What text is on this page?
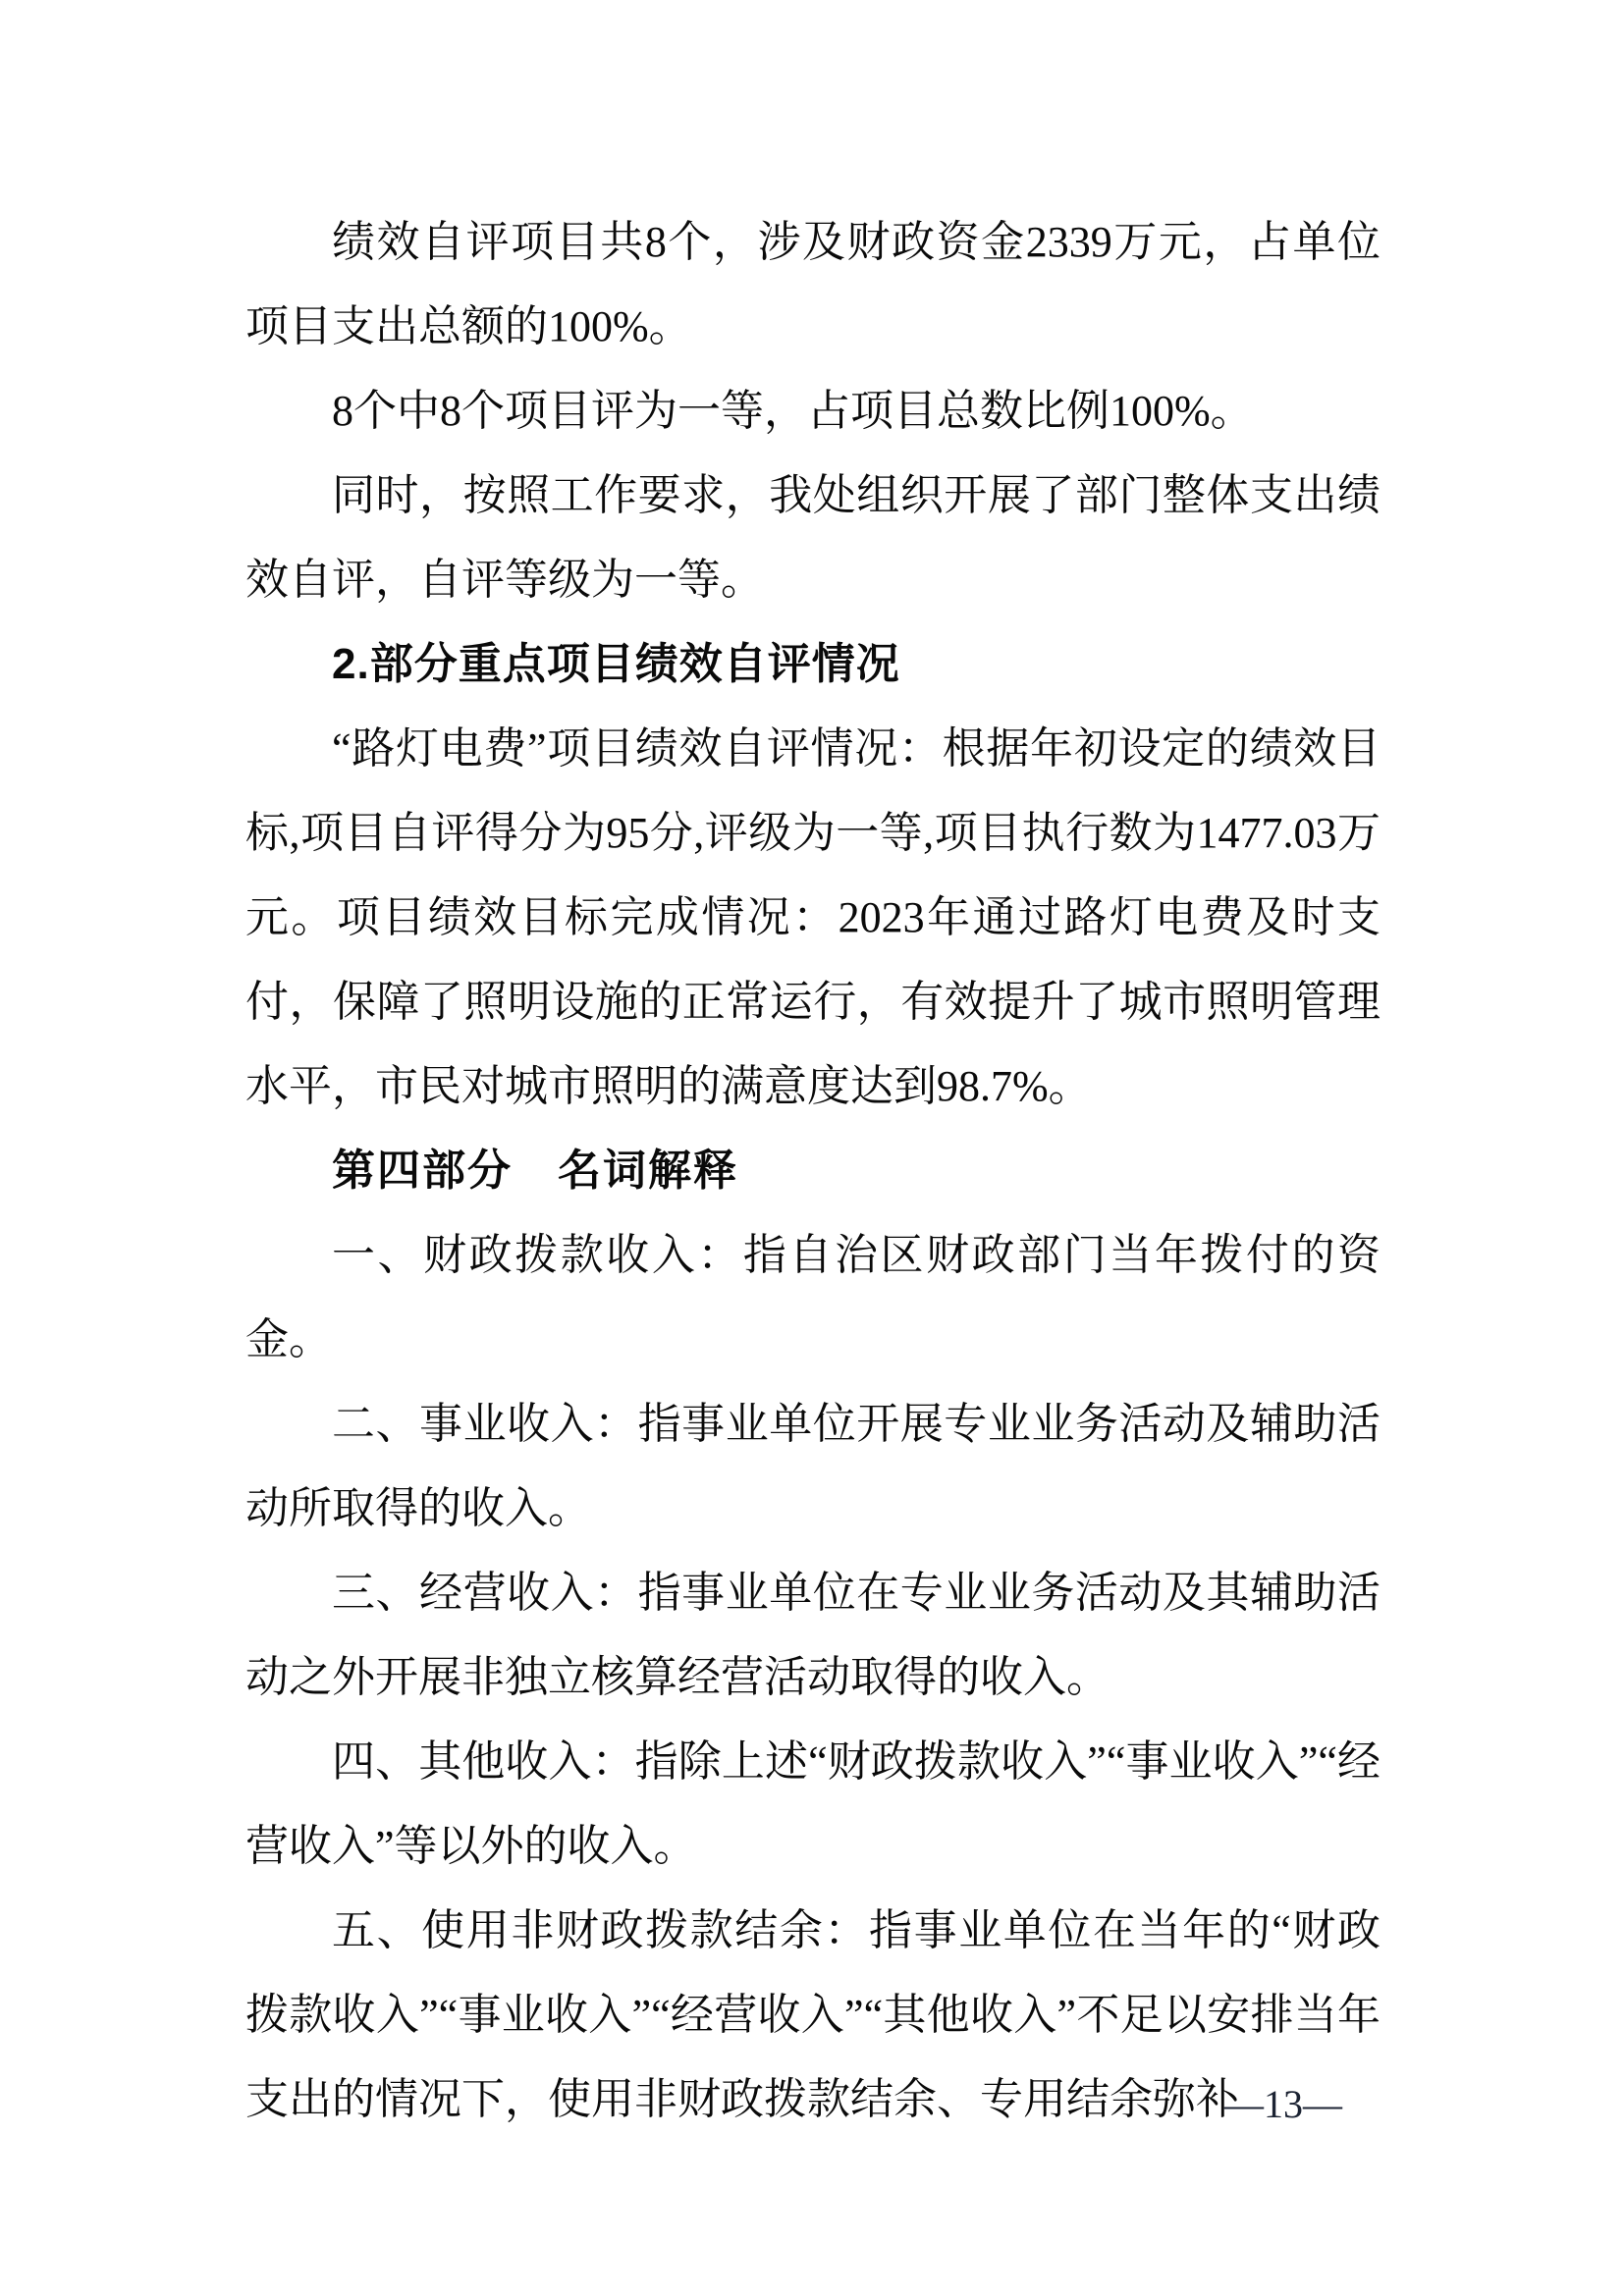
绩效自评项目共8个，涉及财政资金2339万元，占单位项目支出总额的100%。

8个中8个项目评为一等，占项目总数比例100%。

同时，按照工作要求，我处组织开展了部门整体支出绩效自评，自评等级为一等。

2.部分重点项目绩效自评情况

“路灯电费”项目绩效自评情况：根据年初设定的绩效目标,项目自评得分为95分,评级为一等,项目执行数为1477.03万元。项目绩效目标完成情况：2023年通过路灯电费及时支付，保障了照明设施的正常运行，有效提升了城市照明管理水平，市民对城市照明的满意度达到98.7%。

第四部分　名词解释

一、财政拨款收入：指自治区财政部门当年拨付的资金。

二、事业收入：指事业单位开展专业业务活动及辅助活动所取得的收入。

三、经营收入：指事业单位在专业业务活动及其辅助活动之外开展非独立核算经营活动取得的收入。

四、其他收入：指除上述“财政拨款收入”“事业收入”“经营收入”等以外的收入。

五、使用非财政拨款结余：指事业单位在当年的“财政拨款收入”“事业收入”“经营收入”“其他收入”不足以安排当年支出的情况下，使用非财政拨款结余、专用结余弥补

—13—
